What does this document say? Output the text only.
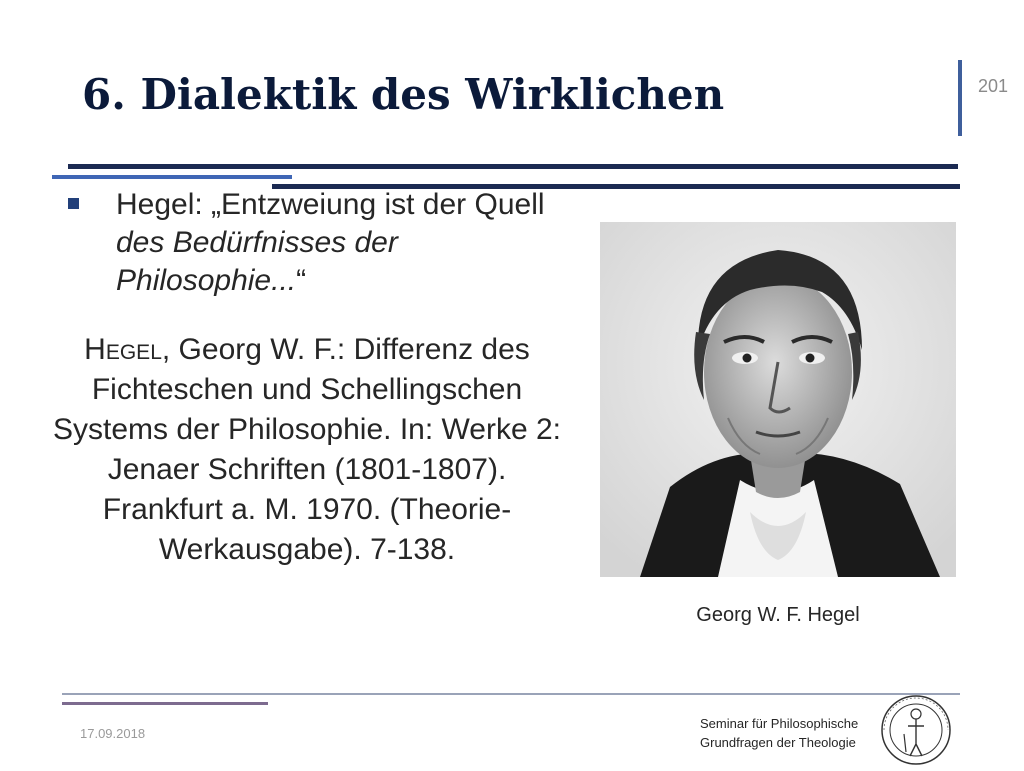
6. Dialektik des Wirklichen	201
Hegel: „Entzweiung ist der Quell des Bedürfnisses der Philosophie...“
Hegel, Georg W. F.: Differenz des Fichteschen und Schellingschen Systems der Philosophie. In: Werke 2: Jenaer Schriften (1801-1807). Frankfurt a. M. 1970. (Theorie-Werkausgabe). 7-138.
Georg W. F. Hegel
17.09.2018
Seminar für Philosophische
Grundfragen der Theologie
